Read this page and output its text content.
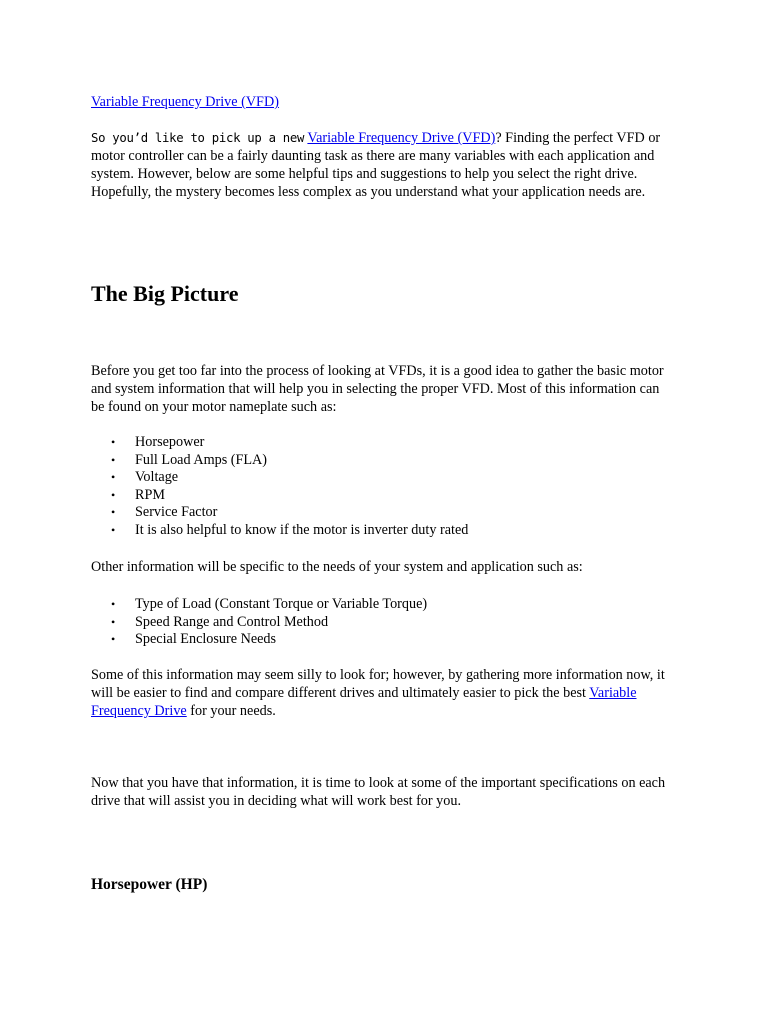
Variable Frequency Drive (VFD)

So you’d like to pick up a new Variable Frequency Drive (VFD)? Finding the perfect VFD or motor controller can be a fairly daunting task as there are many variables with each application and system. However, below are some helpful tips and suggestions to help you select the right drive. Hopefully, the mystery becomes less complex as you understand what your application needs are.

The Big Picture

Before you get too far into the process of looking at VFDs, it is a good idea to gather the basic motor and system information that will help you in selecting the proper VFD. Most of this information can be found on your motor nameplate such as:

• Horsepower
• Full Load Amps (FLA)
• Voltage
• RPM
• Service Factor
• It is also helpful to know if the motor is inverter duty rated

Other information will be specific to the needs of your system and application such as:

• Type of Load (Constant Torque or Variable Torque)
• Speed Range and Control Method
• Special Enclosure Needs

Some of this information may seem silly to look for; however, by gathering more information now, it will be easier to find and compare different drives and ultimately easier to pick the best Variable Frequency Drive for your needs.

Now that you have that information, it is time to look at some of the important specifications on each drive that will assist you in deciding what will work best for you.

Horsepower (HP)
